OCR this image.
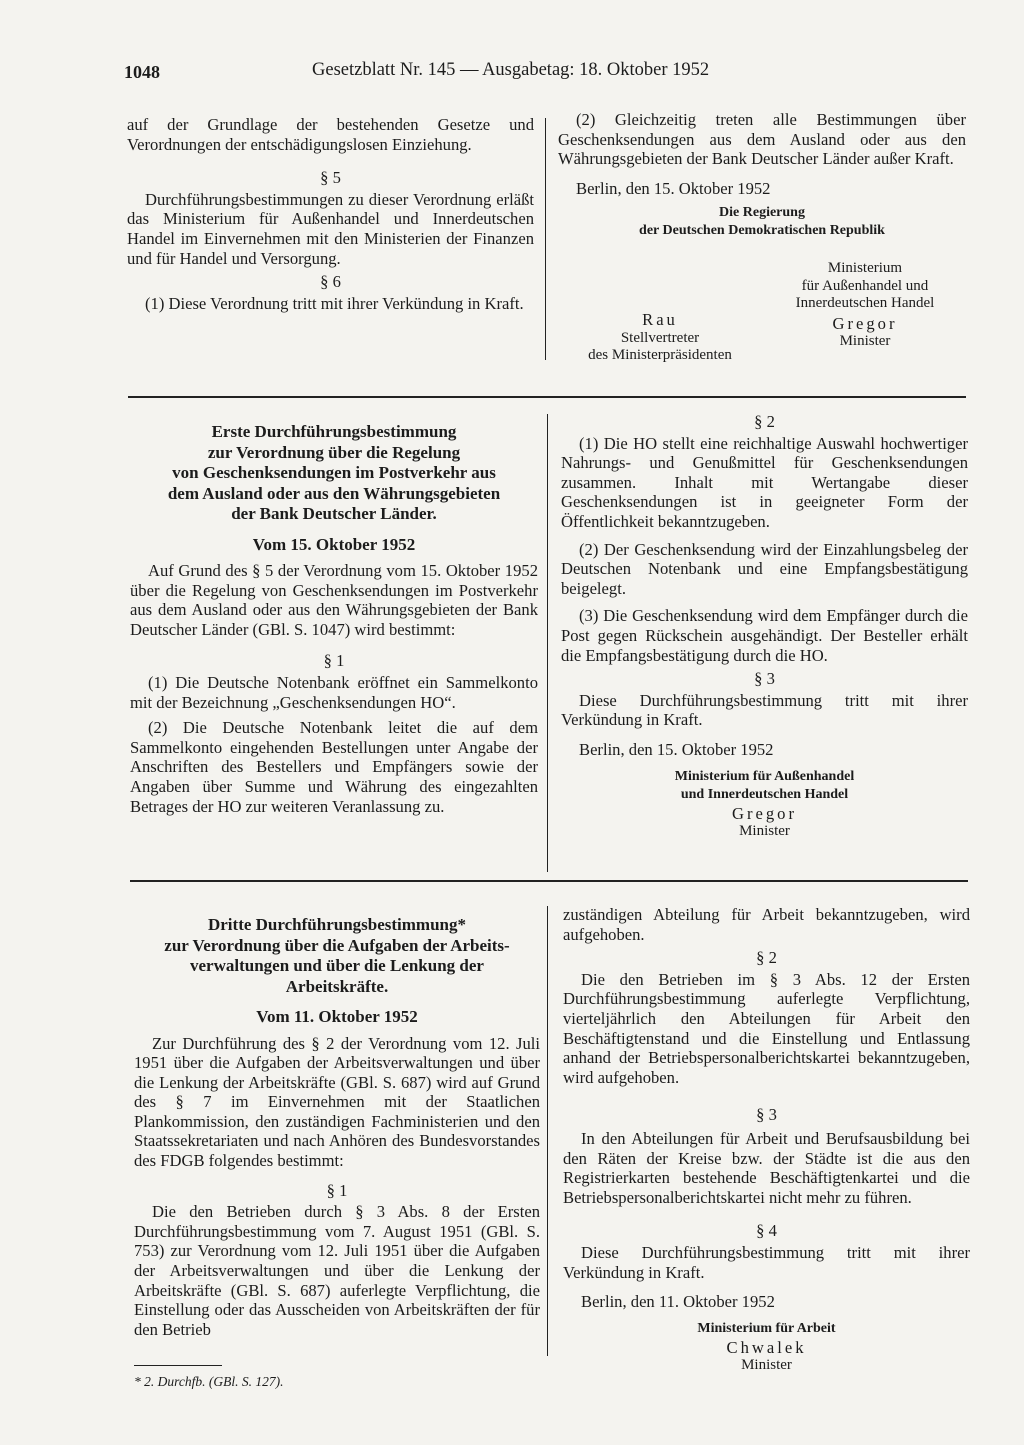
1048	Gesetzblatt Nr. 145 — Ausgabetag: 18. Oktober 1952

auf der Grundlage der bestehenden Gesetze und Verordnungen der entschädigungslosen Einziehung.

§ 5

Durchführungsbestimmungen zu dieser Verordnung erläßt das Ministerium für Außenhandel und Innerdeutschen Handel im Einvernehmen mit den Ministerien der Finanzen und für Handel und Versorgung.

§ 6

(1) Diese Verordnung tritt mit ihrer Verkündung in Kraft.

(2) Gleichzeitig treten alle Bestimmungen über Geschenksendungen aus dem Ausland oder aus den Währungsgebieten der Bank Deutscher Länder außer Kraft.

Berlin, den 15. Oktober 1952

Die Regierung

der Deutschen Demokratischen Republik

Ministerium

für Außenhandel und

Innerdeutschen Handel

Gregor

Minister

Rau

Stellvertreter

des Ministerpräsidenten

Erste Durchführungsbestimmung

zur Verordnung über die Regelung

von Geschenksendungen im Postverkehr aus

dem Ausland oder aus den Währungsgebieten

der Bank Deutscher Länder.

Vom 15. Oktober 1952

Auf Grund des § 5 der Verordnung vom 15. Oktober 1952 über die Regelung von Geschenksendungen im Postverkehr aus dem Ausland oder aus den Währungsgebieten der Bank Deutscher Länder (GBl. S. 1047) wird bestimmt:

§ 1

(1) Die Deutsche Notenbank eröffnet ein Sammelkonto mit der Bezeichnung „Geschenksendungen HO“.

(2) Die Deutsche Notenbank leitet die auf dem Sammelkonto eingehenden Bestellungen unter Angabe der Anschriften des Bestellers und Empfängers sowie der Angaben über Summe und Währung des eingezahlten Betrages der HO zur weiteren Veranlassung zu.

§ 2

(1) Die HO stellt eine reichhaltige Auswahl hochwertiger Nahrungs- und Genußmittel für Geschenksendungen zusammen. Inhalt mit Wertangabe dieser Geschenksendungen ist in geeigneter Form der Öffentlichkeit bekanntzugeben.

(2) Der Geschenksendung wird der Einzahlungsbeleg der Deutschen Notenbank und eine Empfangsbestätigung beigelegt.

(3) Die Geschenksendung wird dem Empfänger durch die Post gegen Rückschein ausgehändigt. Der Besteller erhält die Empfangsbestätigung durch die HO.

§ 3

Diese Durchführungsbestimmung tritt mit ihrer Verkündung in Kraft.

Berlin, den 15. Oktober 1952

Ministerium für Außenhandel

und Innerdeutschen Handel

Gregor

Minister

Dritte Durchführungsbestimmung*

zur Verordnung über die Aufgaben der Arbeits-

verwaltungen und über die Lenkung der

Arbeitskräfte.

Vom 11. Oktober 1952

Zur Durchführung des § 2 der Verordnung vom 12. Juli 1951 über die Aufgaben der Arbeitsverwaltungen und über die Lenkung der Arbeitskräfte (GBl. S. 687) wird auf Grund des § 7 im Einvernehmen mit der Staatlichen Plankommission, den zuständigen Fachministerien und den Staatssekretariaten und nach Anhören des Bundesvorstandes des FDGB folgendes bestimmt:

§ 1

Die den Betrieben durch § 3 Abs. 8 der Ersten Durchführungsbestimmung vom 7. August 1951 (GBl. S. 753) zur Verordnung vom 12. Juli 1951 über die Aufgaben der Arbeitsverwaltungen und über die Lenkung der Arbeitskräfte (GBl. S. 687) auferlegte Verpflichtung, die Einstellung oder das Ausscheiden von Arbeitskräften der für den Betrieb

* 2. Durchfb. (GBl. S. 127).

zuständigen Abteilung für Arbeit bekanntzugeben, wird aufgehoben.

§ 2

Die den Betrieben im § 3 Abs. 12 der Ersten Durchführungsbestimmung auferlegte Verpflichtung, vierteljährlich den Abteilungen für Arbeit den Beschäftigtenstand und die Einstellung und Entlassung anhand der Betriebspersonalberichtskartei bekanntzugeben, wird aufgehoben.

§ 3

In den Abteilungen für Arbeit und Berufsausbildung bei den Räten der Kreise bzw. der Städte ist die aus den Registrierkarten bestehende Beschäftigtenkartei und die Betriebspersonalberichtskartei nicht mehr zu führen.

§ 4

Diese Durchführungsbestimmung tritt mit ihrer Verkündung in Kraft.

Berlin, den 11. Oktober 1952

Ministerium für Arbeit

Chwalek

Minister
